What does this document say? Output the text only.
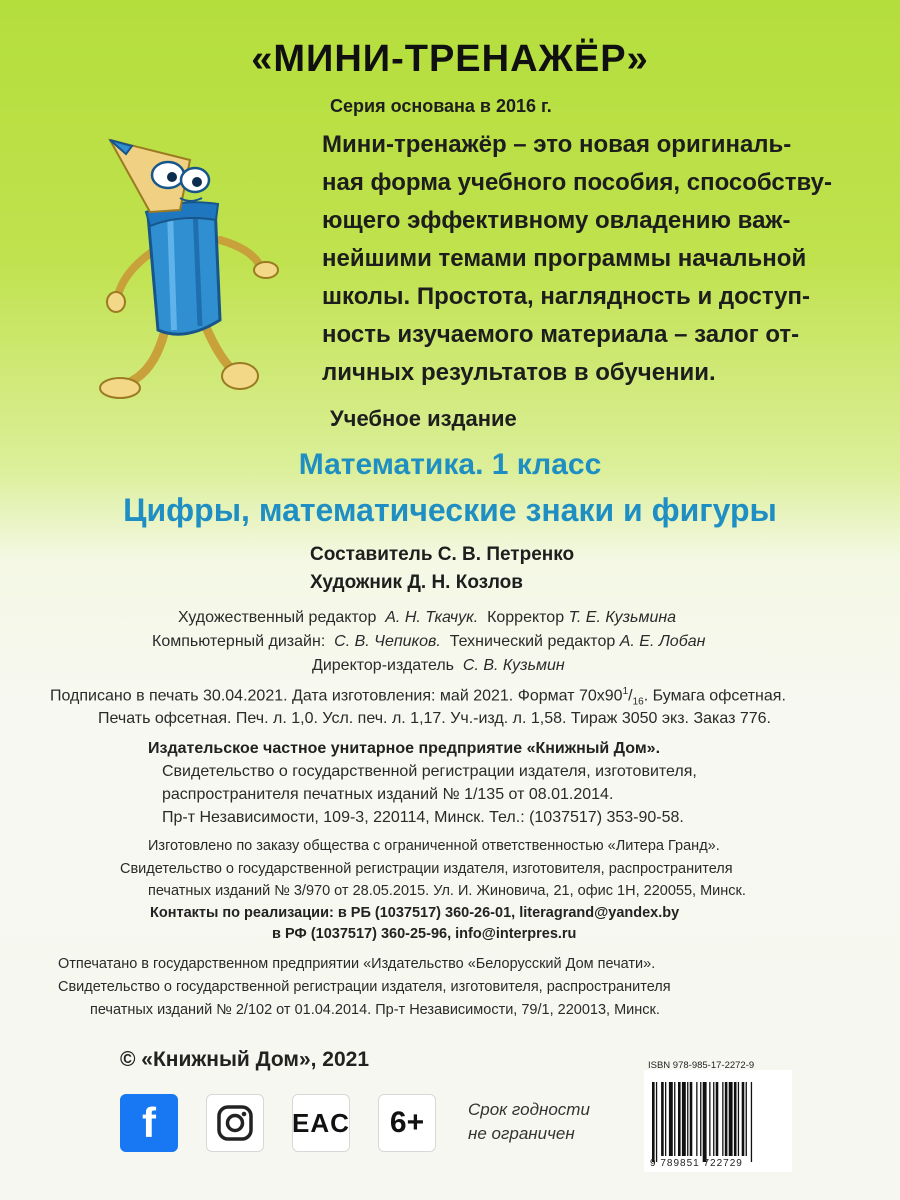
«МИНИ-ТРЕНАЖЁР»
Серия основана в 2016 г.
Мини-тренажёр – это новая оригиналь-
ная форма учебного пособия, способству-
ющего эффективному овладению важ-
нейшими темами программы начальной
школы. Простота, наглядность и доступ-
ность изучаемого материала – залог от-
личных результатов в обучении.
Учебное издание
Математика. 1 класс
Цифры, математические знаки и фигуры
Составитель С. В. Петренко
Художник Д. Н. Козлов
Художественный редактор А. Н. Ткачук. Корректор Т. Е. Кузьмина
Компьютерный дизайн: С. В. Чепиков. Технический редактор А. Е. Лобан
Директор-издатель С. В. Кузьмин
Подписано в печать 30.04.2021. Дата изготовления: май 2021. Формат $70х90^1/_{16}$. Бумага офсетная.
Печать офсетная. Печ. л. 1,0. Усл. печ. л. 1,17. Уч.-изд. л. 1,58. Тираж 3050 экз. Заказ 776.
Издательское частное унитарное предприятие «Книжный Дом».
Свидетельство о государственной регистрации издателя, изготовителя,
распространителя печатных изданий № 1/135 от 08.01.2014.
Пр-т Независимости, 109-3, 220114, Минск. Тел.: (1037517) 353-90-58.
Изготовлено по заказу общества с ограниченной ответственностью «Литера Гранд».
Свидетельство о государственной регистрации издателя, изготовителя, распространителя
печатных изданий № 3/970 от 28.05.2015. Ул. И. Жиновича, 21, офис 1Н, 220055, Минск.
Контакты по реализации: в РБ (1037517) 360-26-01, literagrand@yandex.by
в РФ (1037517) 360-25-96, info@interpres.ru
Отпечатано в государственном предприятии «Издательство «Белорусский Дом печати».
Свидетельство о государственной регистрации издателя, изготовителя, распространителя
печатных изданий № 2/102 от 01.04.2014. Пр-т Независимости, 79/1, 220013, Минск.
© «Книжный Дом», 2021
f	EAC 6+	Срок годности
не ограничен
ISBN 978-985-17-2272-9
9 789851 722729
